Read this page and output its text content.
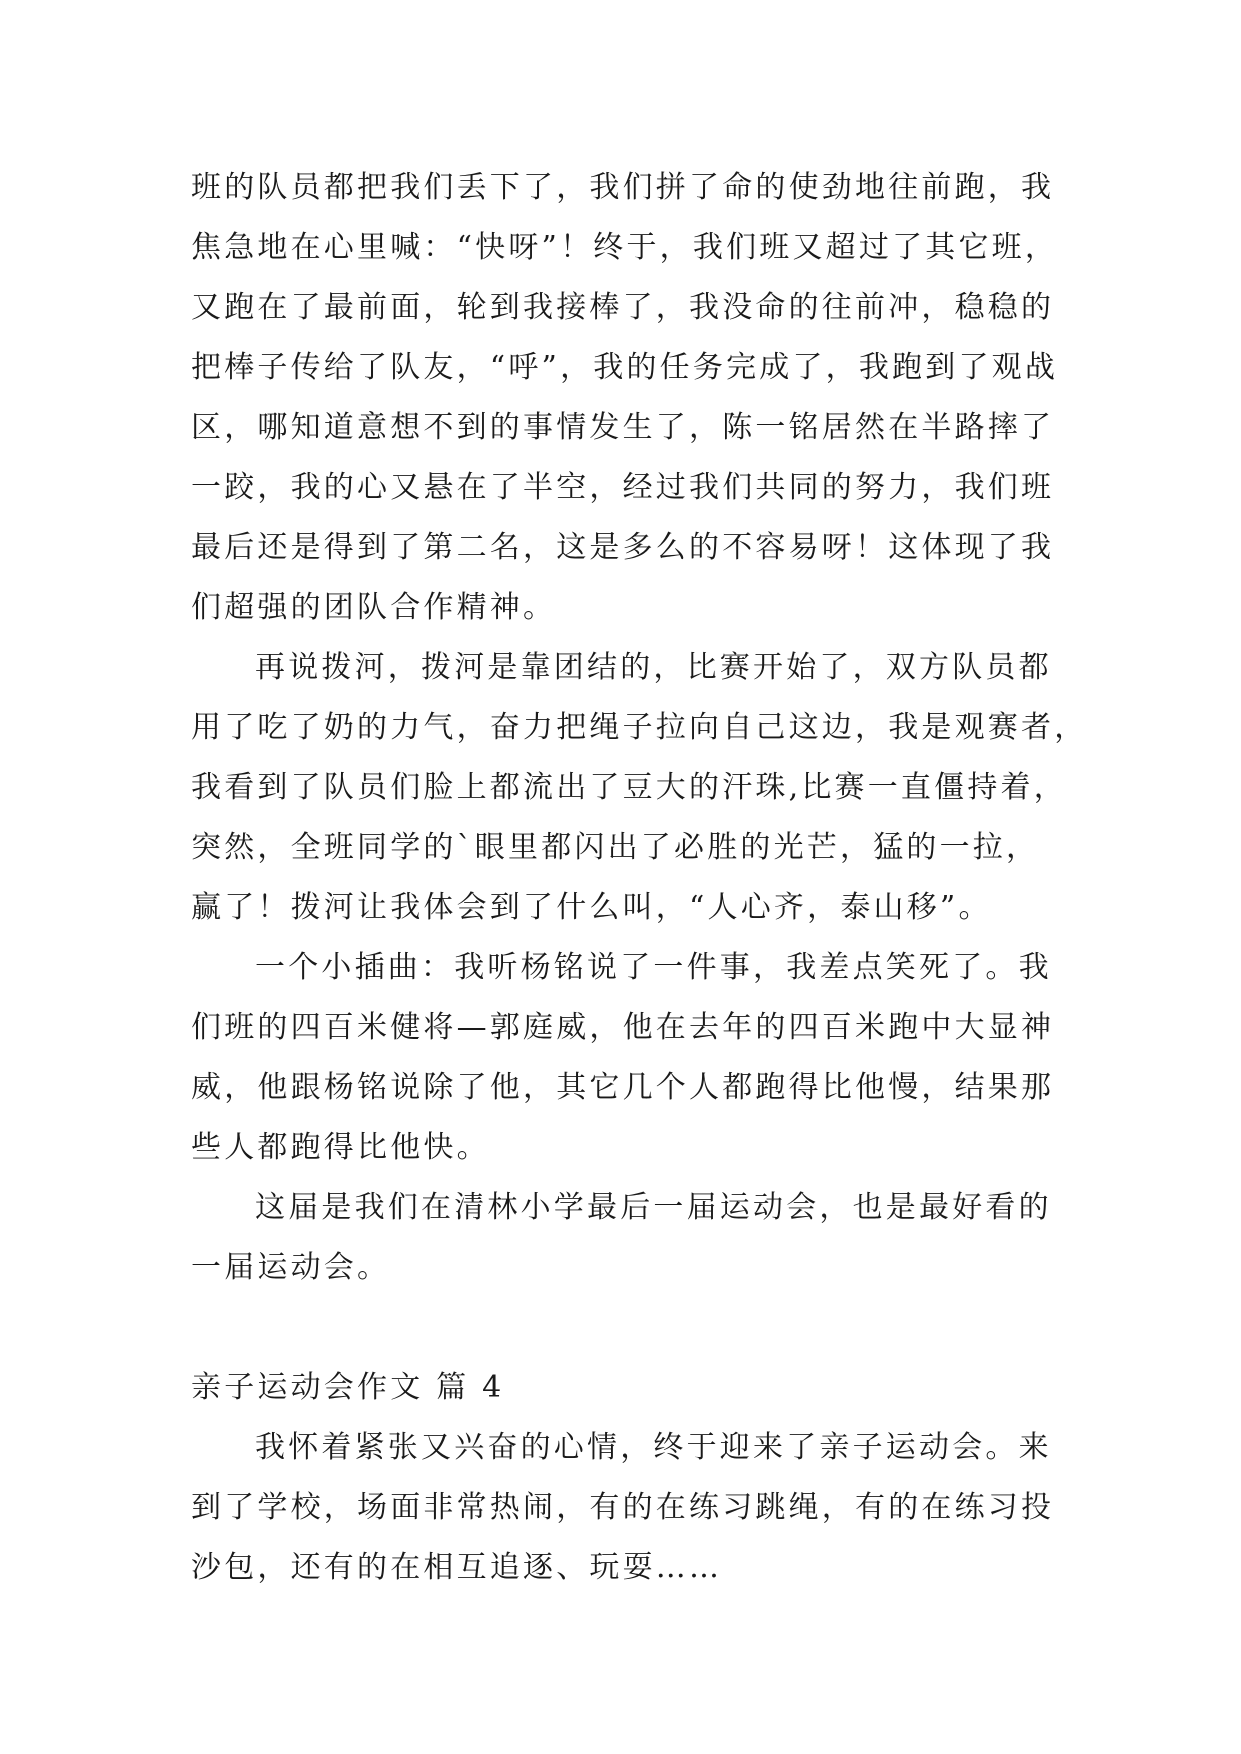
班的队员都把我们丢下了，我们拼了命的使劲地往前跑，我
焦急地在心里喊：“快呀”！终于，我们班又超过了其它班，
又跑在了最前面，轮到我接棒了，我没命的往前冲，稳稳的
把棒子传给了队友，“呼”，我的任务完成了，我跑到了观战
区，哪知道意想不到的事情发生了，陈一铭居然在半路摔了
一跤，我的心又悬在了半空，经过我们共同的努力，我们班
最后还是得到了第二名，这是多么的不容易呀！这体现了我
们超强的团队合作精神。
再说拨河，拨河是靠团结的，比赛开始了，双方队员都
用了吃了奶的力气，奋力把绳子拉向自己这边，我是观赛者，
我看到了队员们脸上都流出了豆大的汗珠,比赛一直僵持着，
突然，全班同学的`眼里都闪出了必胜的光芒，猛的一拉，
赢了！拨河让我体会到了什么叫，“人心齐，泰山移”。
一个小插曲：我听杨铭说了一件事，我差点笑死了。我
们班的四百米健将—郭庭威，他在去年的四百米跑中大显神
威，他跟杨铭说除了他，其它几个人都跑得比他慢，结果那
些人都跑得比他快。
这届是我们在清林小学最后一届运动会，也是最好看的
一届运动会。
亲子运动会作文 篇 4
我怀着紧张又兴奋的心情，终于迎来了亲子运动会。来
到了学校，场面非常热闹，有的在练习跳绳，有的在练习投
沙包，还有的在相互追逐、玩耍……
